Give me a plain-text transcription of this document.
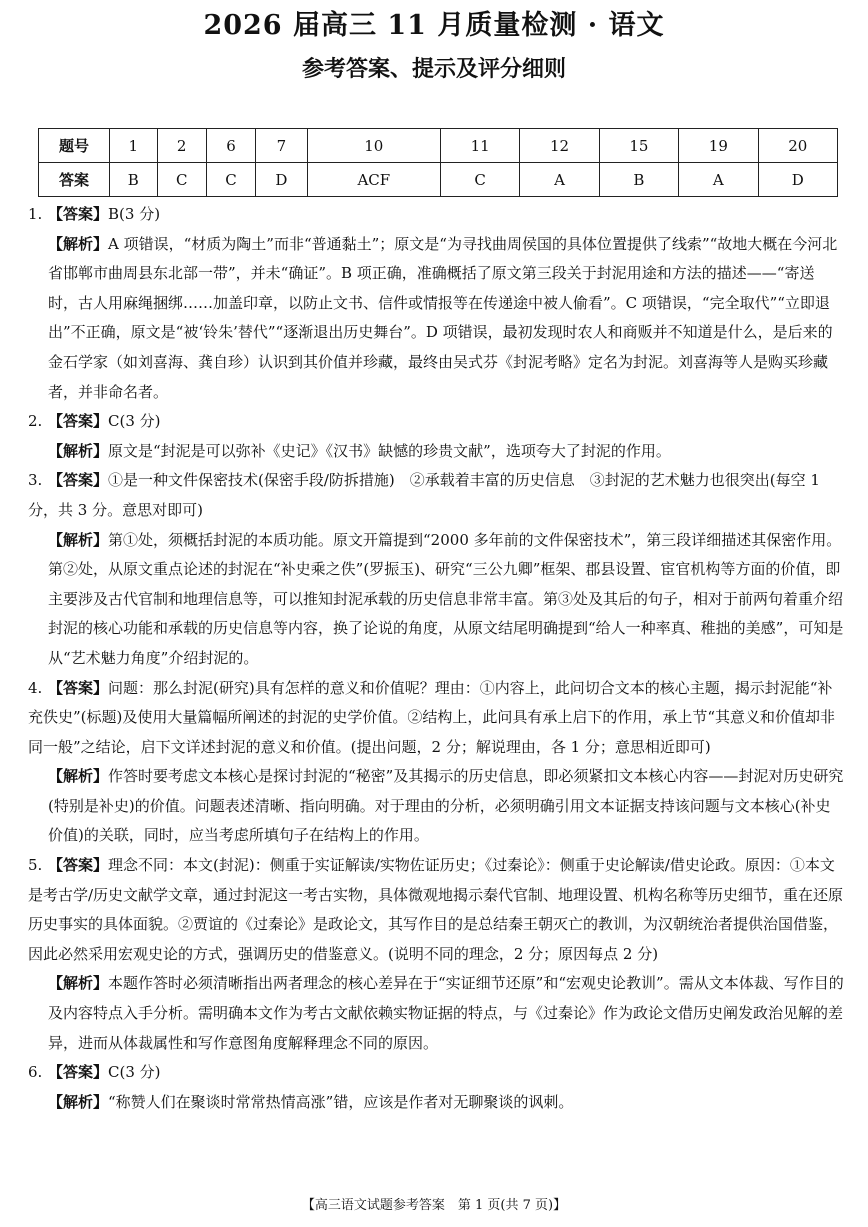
2026 届高三 11 月质量检测 · 语文
参考答案、提示及评分细则
题号	1	2	6	7	10	11	12	15	19	20
答案	B	C	C	D	ACF	C	A	B	A	D

1. 【答案】B(3 分)

【解析】A 项错误，“材质为陶土”而非“普通黏土”；原文是“为寻找曲周侯国的具体位置提供了线索”“故地大概在今河北省邯郸市曲周县东北部一带”，并未“确证”。B 项正确，准确概括了原文第三段关于封泥用途和方法的描述——“寄送时，古人用麻绳捆绑……加盖印章，以防止文书、信件或情报等在传递途中被人偷看”。C 项错误，“完全取代”“立即退出”不正确，原文是“被‘铃朱’替代”“逐渐退出历史舞台”。D 项错误，最初发现时农人和商贩并不知道是什么，是后来的金石学家（如刘喜海、龚自珍）认识到其价值并珍藏，最终由吴式芬《封泥考略》定名为封泥。刘喜海等人是购买珍藏者，并非命名者。

2. 【答案】C(3 分)

【解析】原文是“封泥是可以弥补《史记》《汉书》缺憾的珍贵文献”，选项夸大了封泥的作用。

3. 【答案】①是一种文件保密技术(保密手段/防拆措施)　②承载着丰富的历史信息　③封泥的艺术魅力也很突出(每空 1 分，共 3 分。意思对即可)

【解析】第①处，须概括封泥的本质功能。原文开篇提到“2000 多年前的文件保密技术”，第三段详细描述其保密作用。第②处，从原文重点论述的封泥在“补史乘之佚”(罗振玉)、研究“三公九卿”框架、郡县设置、宦官机构等方面的价值，即主要涉及古代官制和地理信息等，可以推知封泥承载的历史信息非常丰富。第③处及其后的句子，相对于前两句着重介绍封泥的核心功能和承载的历史信息等内容，换了论说的角度，从原文结尾明确提到“给人一种率真、稚拙的美感”，可知是从“艺术魅力角度”介绍封泥的。

4. 【答案】问题：那么封泥(研究)具有怎样的意义和价值呢？理由：①内容上，此问切合文本的核心主题，揭示封泥能“补充佚史”(标题)及使用大量篇幅所阐述的封泥的史学价值。②结构上，此问具有承上启下的作用，承上节“其意义和价值却非同一般”之结论，启下文详述封泥的意义和价值。(提出问题，2 分；解说理由，各 1 分；意思相近即可)

【解析】作答时要考虑文本核心是探讨封泥的“秘密”及其揭示的历史信息，即必须紧扣文本核心内容——封泥对历史研究(特别是补史)的价值。问题表述清晰、指向明确。对于理由的分析，必须明确引用文本证据支持该问题与文本核心(补史价值)的关联，同时，应当考虑所填句子在结构上的作用。

5. 【答案】理念不同：本文(封泥)：侧重于实证解读/实物佐证历史；《过秦论》：侧重于史论解读/借史论政。原因：①本文是考古学/历史文献学文章，通过封泥这一考古实物，具体微观地揭示秦代官制、地理设置、机构名称等历史细节，重在还原历史事实的具体面貌。②贾谊的《过秦论》是政论文，其写作目的是总结秦王朝灭亡的教训，为汉朝统治者提供治国借鉴，因此必然采用宏观史论的方式，强调历史的借鉴意义。(说明不同的理念，2 分；原因每点 2 分)

【解析】本题作答时必须清晰指出两者理念的核心差异在于“实证细节还原”和“宏观史论教训”。需从文本体裁、写作目的及内容特点入手分析。需明确本文作为考古文献依赖实物证据的特点，与《过秦论》作为政论文借历史阐发政治见解的差异，进而从体裁属性和写作意图角度解释理念不同的原因。

6. 【答案】C(3 分)

【解析】“称赞人们在聚谈时常常热情高涨”错，应该是作者对无聊聚谈的讽刺。

【高三语文试题参考答案　第 1 页(共 7 页)】
